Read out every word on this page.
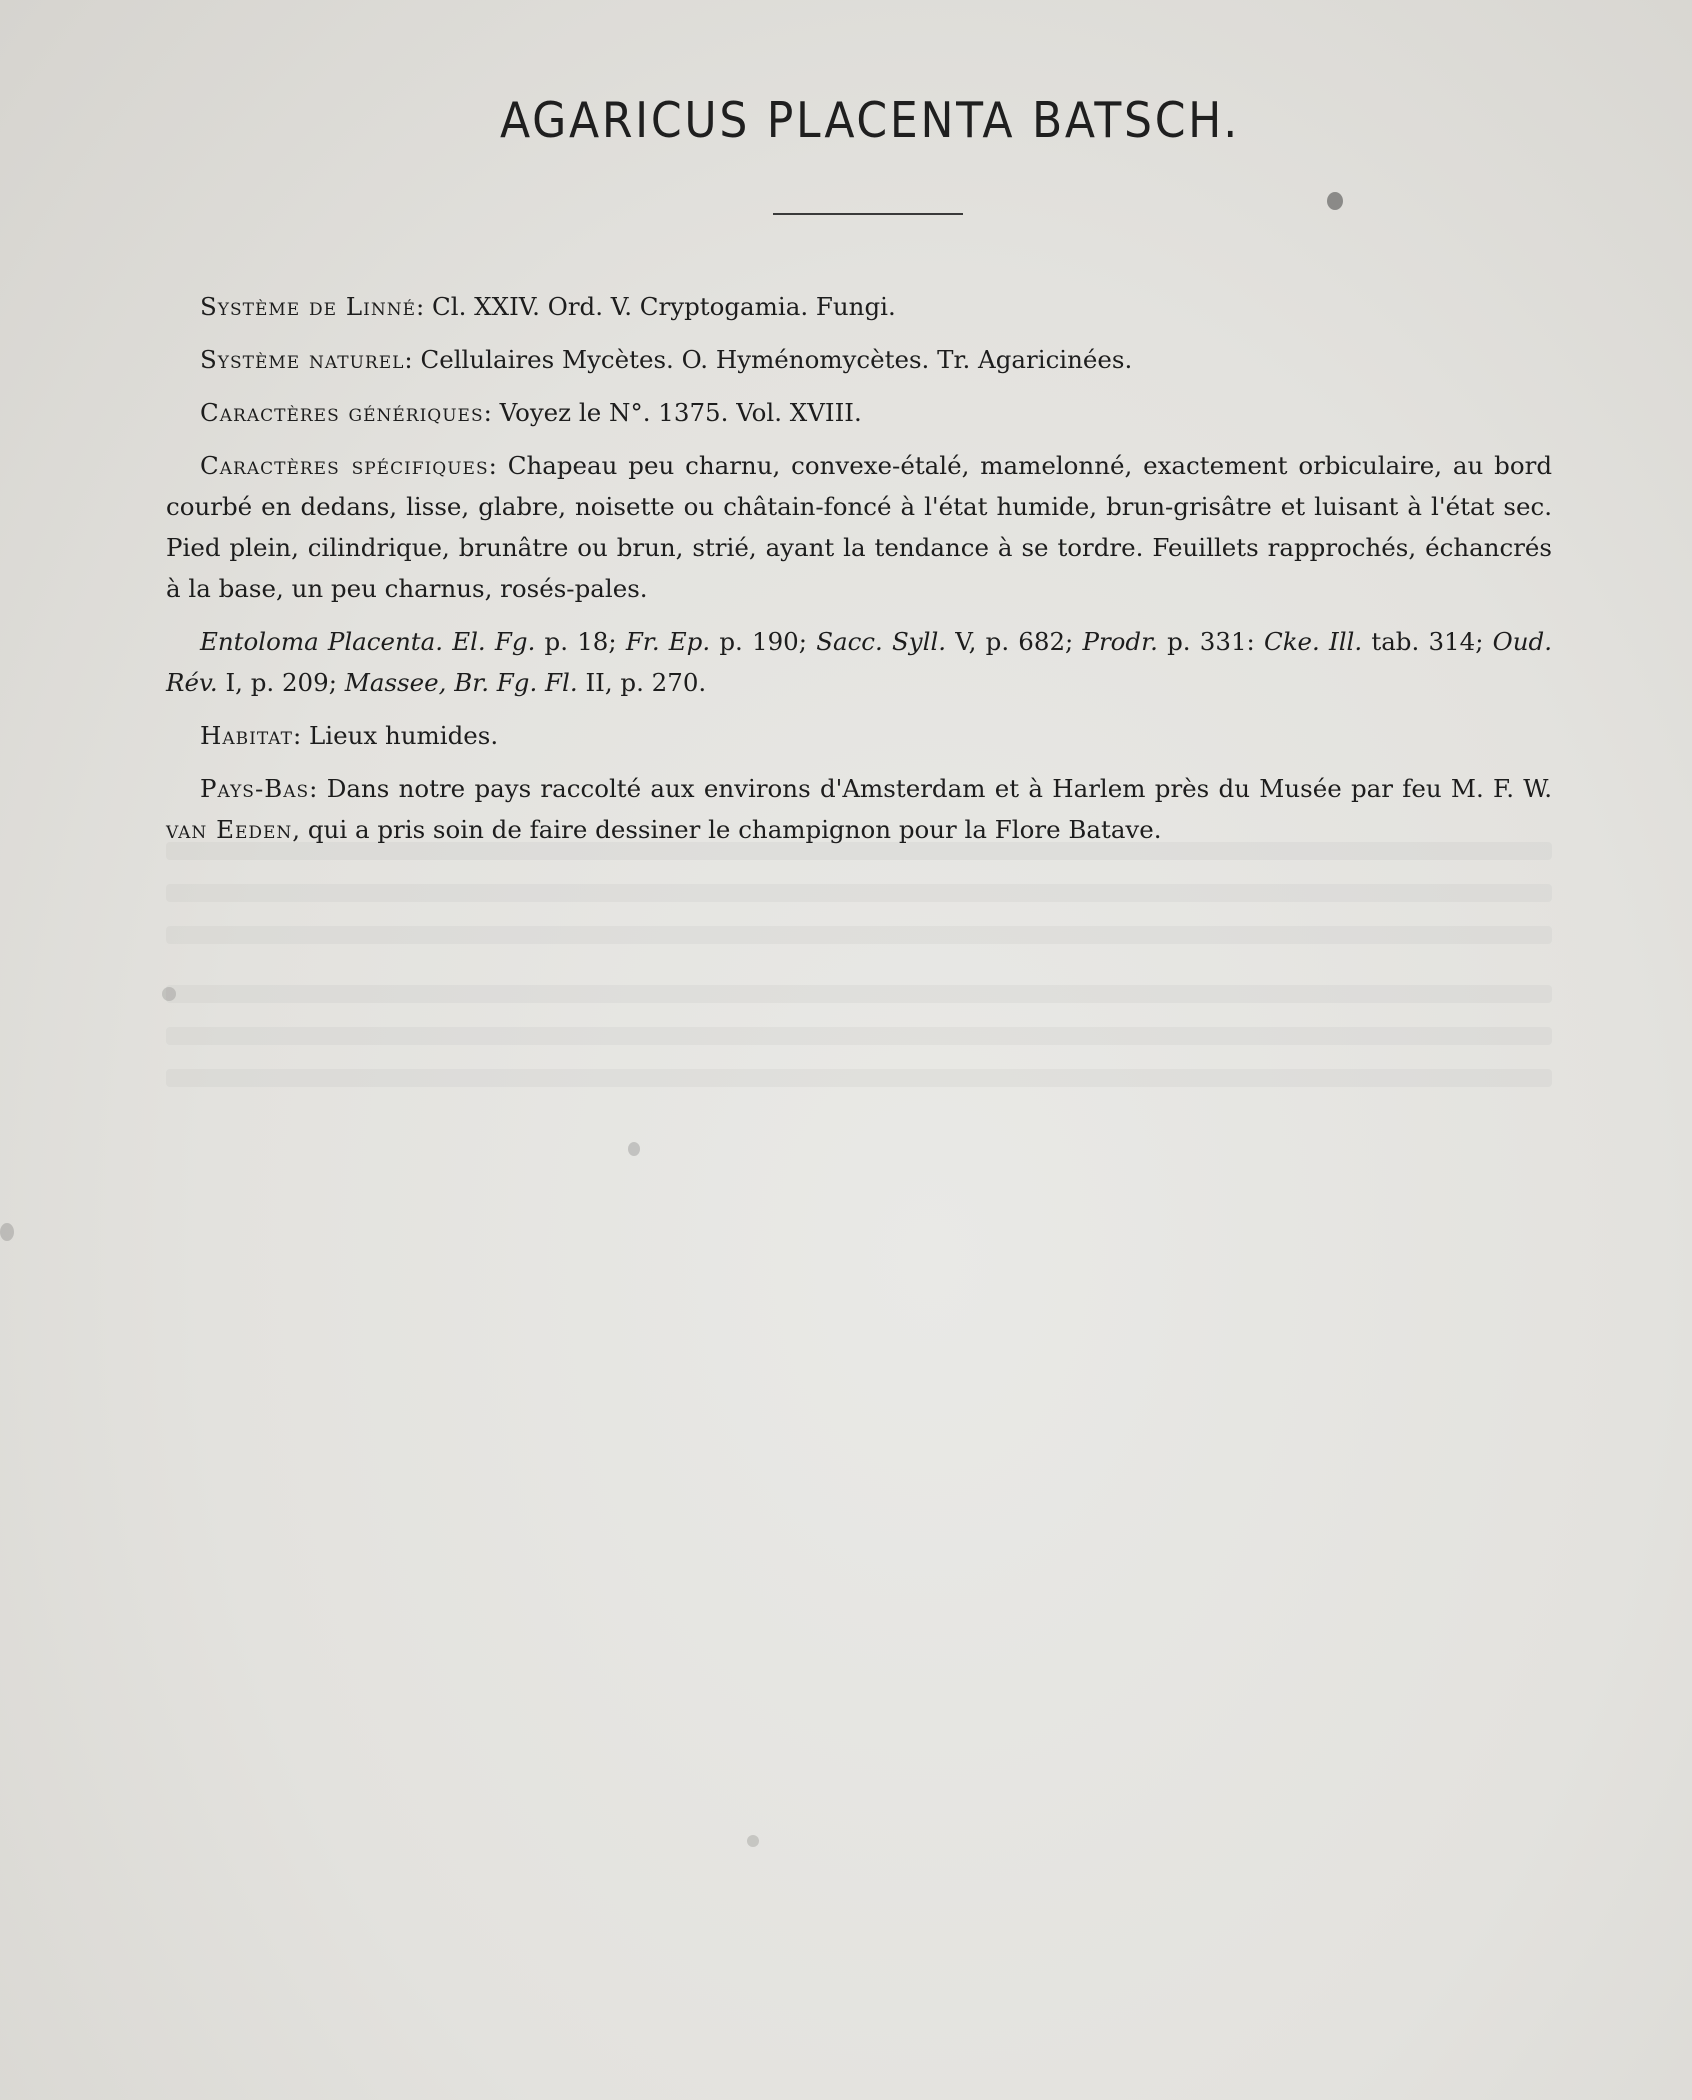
AGARICUS PLACENTA BATSCH.

Système de Linné: Cl. XXIV. Ord. V. Cryptogamia. Fungi.

Système naturel: Cellulaires Mycètes. O. Hyménomycètes. Tr. Agaricinées.

Caractères génériques: Voyez le N°. 1375. Vol. XVIII.

Caractères spécifiques: Chapeau peu charnu, convexe-étalé, mamelonné, exactement orbiculaire, au bord courbé en dedans, lisse, glabre, noisette ou châtain-foncé à l'état humide, brun-grisâtre et luisant à l'état sec. Pied plein, cilindrique, brunâtre ou brun, strié, ayant la tendance à se tordre. Feuillets rapprochés, échancrés à la base, un peu charnus, rosés-pales.

Entoloma Placenta. El. Fg. p. 18; Fr. Ep. p. 190; Sacc. Syll. V, p. 682; Prodr. p. 331: Cke. Ill. tab. 314; Oud. Rév. I, p. 209; Massee, Br. Fg. Fl. II, p. 270.

Habitat: Lieux humides.

Pays-Bas: Dans notre pays raccolté aux environs d'Amsterdam et à Harlem près du Musée par feu M. F. W. van Eeden, qui a pris soin de faire dessiner le champignon pour la Flore Batave.
